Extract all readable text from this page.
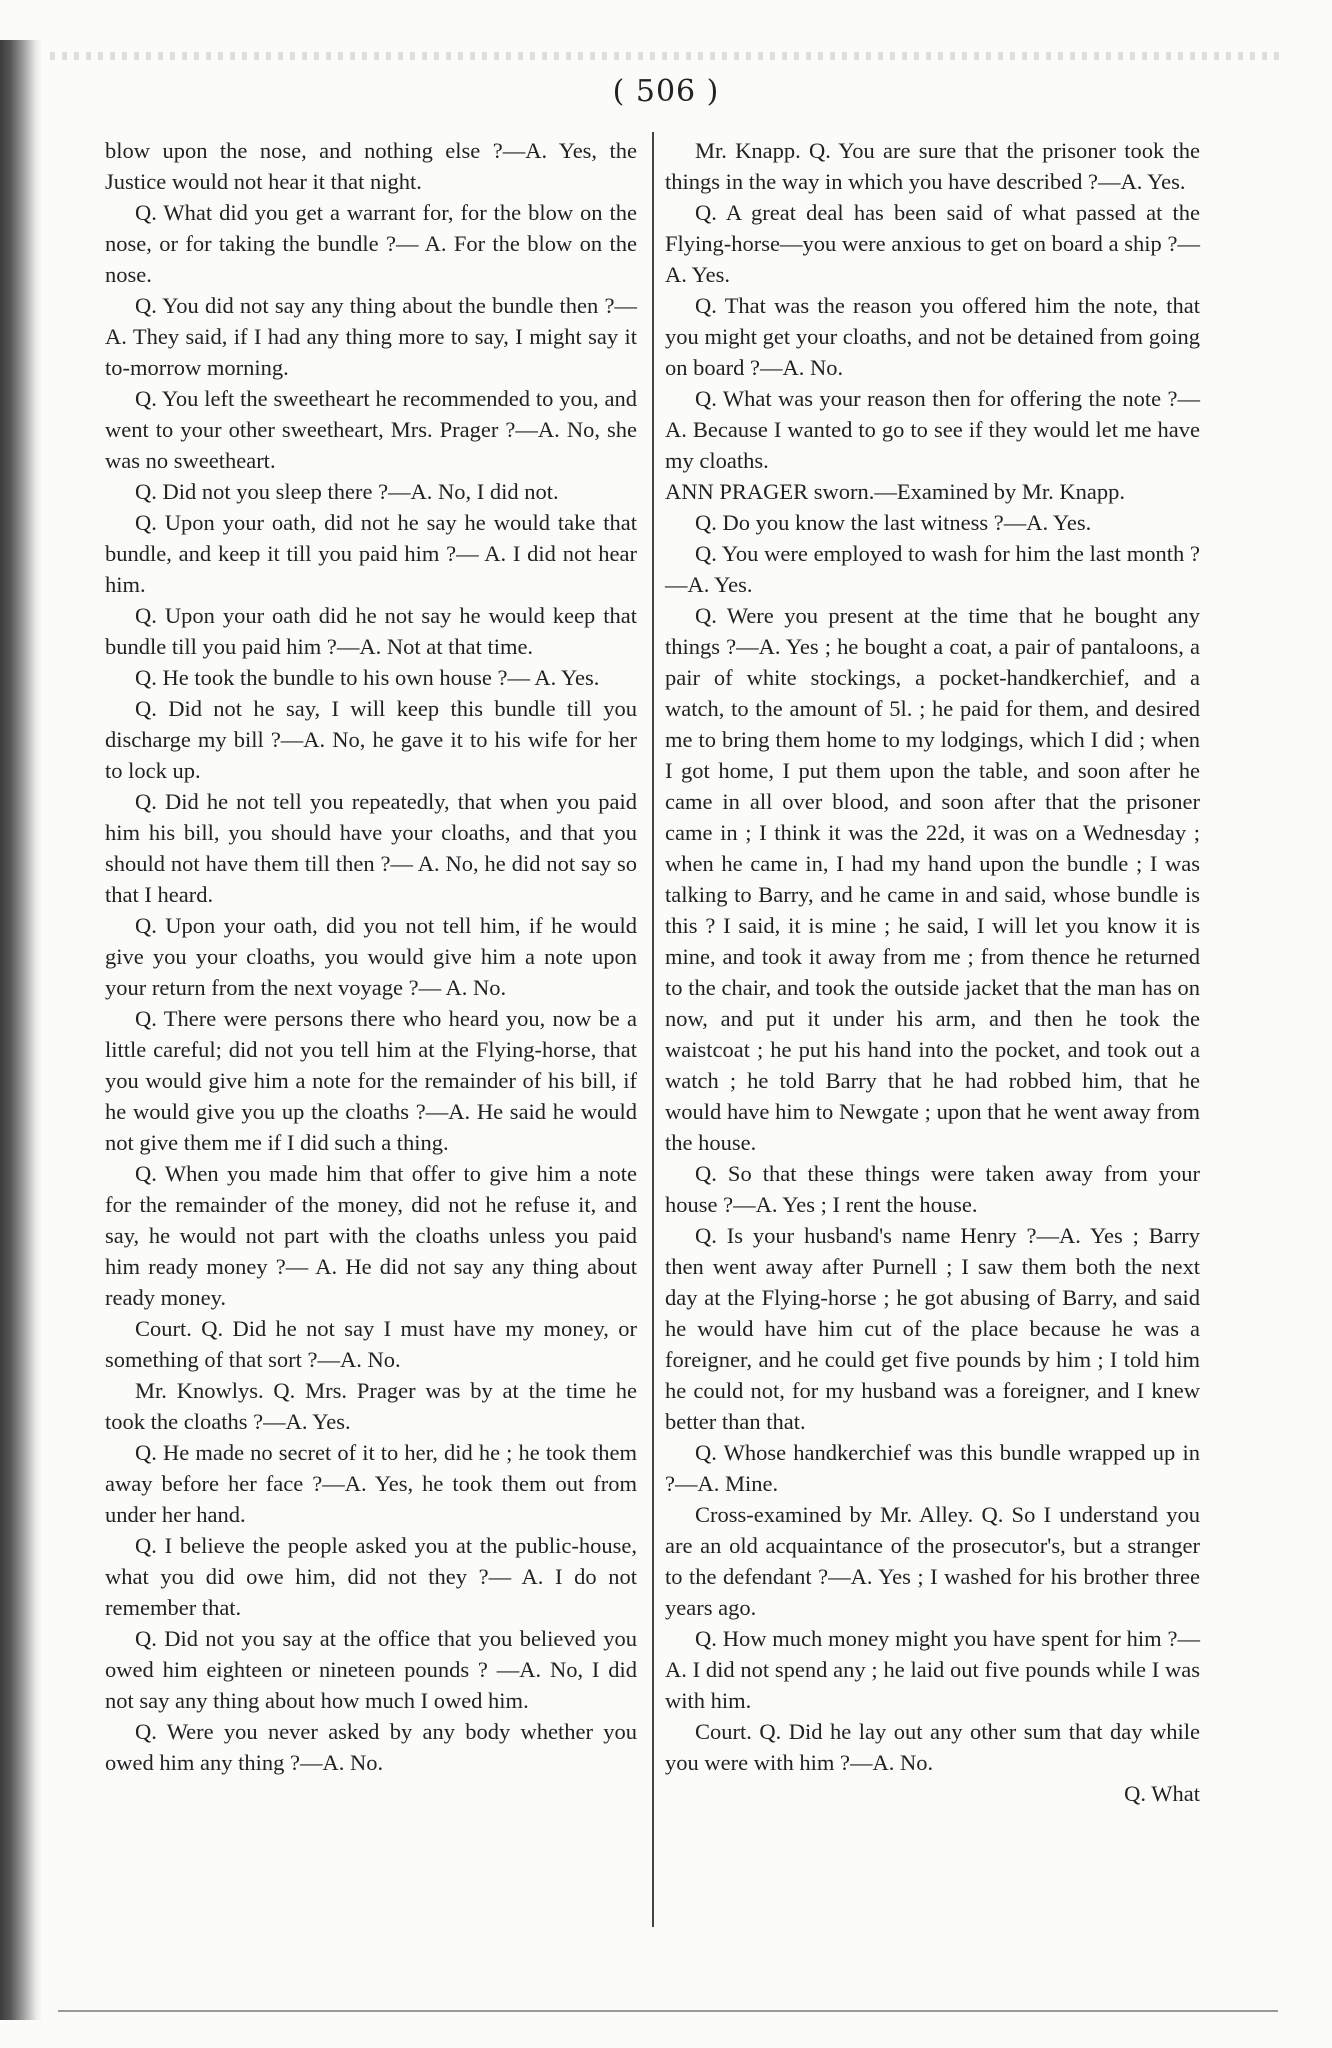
( 506 )

blow upon the nose, and nothing else ?—A. Yes, the Justice would not hear it that night.

Q. What did you get a warrant for, for the blow on the nose, or for taking the bundle ?— A. For the blow on the nose.

Q. You did not say any thing about the bundle then ?—A. They said, if I had any thing more to say, I might say it to-morrow morning.

Q. You left the sweetheart he recommended to you, and went to your other sweetheart, Mrs. Prager ?—A. No, she was no sweetheart.

Q. Did not you sleep there ?—A. No, I did not.

Q. Upon your oath, did not he say he would take that bundle, and keep it till you paid him ?— A. I did not hear him.

Q. Upon your oath did he not say he would keep that bundle till you paid him ?—A. Not at that time.

Q. He took the bundle to his own house ?— A. Yes.

Q. Did not he say, I will keep this bundle till you discharge my bill ?—A. No, he gave it to his wife for her to lock up.

Q. Did he not tell you repeatedly, that when you paid him his bill, you should have your cloaths, and that you should not have them till then ?— A. No, he did not say so that I heard.

Q. Upon your oath, did you not tell him, if he would give you your cloaths, you would give him a note upon your return from the next voyage ?— A. No.

Q. There were persons there who heard you, now be a little careful; did not you tell him at the Flying-horse, that you would give him a note for the remainder of his bill, if he would give you up the cloaths ?—A. He said he would not give them me if I did such a thing.

Q. When you made him that offer to give him a note for the remainder of the money, did not he refuse it, and say, he would not part with the cloaths unless you paid him ready money ?— A. He did not say any thing about ready money.

Court. Q. Did he not say I must have my money, or something of that sort ?—A. No.

Mr. Knowlys. Q. Mrs. Prager was by at the time he took the cloaths ?—A. Yes.

Q. He made no secret of it to her, did he ; he took them away before her face ?—A. Yes, he took them out from under her hand.

Q. I believe the people asked you at the public-house, what you did owe him, did not they ?— A. I do not remember that.

Q. Did not you say at the office that you believed you owed him eighteen or nineteen pounds ? —A. No, I did not say any thing about how much I owed him.

Q. Were you never asked by any body whether you owed him any thing ?—A. No.

Mr. Knapp. Q. You are sure that the prisoner took the things in the way in which you have described ?—A. Yes.

Q. A great deal has been said of what passed at the Flying-horse—you were anxious to get on board a ship ?—A. Yes.

Q. That was the reason you offered him the note, that you might get your cloaths, and not be detained from going on board ?—A. No.

Q. What was your reason then for offering the note ?—A. Because I wanted to go to see if they would let me have my cloaths.

ANN PRAGER sworn.—Examined by Mr. Knapp.

Q. Do you know the last witness ?—A. Yes.

Q. You were employed to wash for him the last month ?—A. Yes.

Q. Were you present at the time that he bought any things ?—A. Yes ; he bought a coat, a pair of pantaloons, a pair of white stockings, a pocket-handkerchief, and a watch, to the amount of 5l. ; he paid for them, and desired me to bring them home to my lodgings, which I did ; when I got home, I put them upon the table, and soon after he came in all over blood, and soon after that the prisoner came in ; I think it was the 22d, it was on a Wednesday ; when he came in, I had my hand upon the bundle ; I was talking to Barry, and he came in and said, whose bundle is this ? I said, it is mine ; he said, I will let you know it is mine, and took it away from me ; from thence he returned to the chair, and took the outside jacket that the man has on now, and put it under his arm, and then he took the waistcoat ; he put his hand into the pocket, and took out a watch ; he told Barry that he had robbed him, that he would have him to Newgate ; upon that he went away from the house.

Q. So that these things were taken away from your house ?—A. Yes ; I rent the house.

Q. Is your husband's name Henry ?—A. Yes ; Barry then went away after Purnell ; I saw them both the next day at the Flying-horse ; he got abusing of Barry, and said he would have him cut of the place because he was a foreigner, and he could get five pounds by him ; I told him he could not, for my husband was a foreigner, and I knew better than that.

Q. Whose handkerchief was this bundle wrapped up in ?—A. Mine.

Cross-examined by Mr. Alley. Q. So I understand you are an old acquaintance of the prosecutor's, but a stranger to the defendant ?—A. Yes ; I washed for his brother three years ago.

Q. How much money might you have spent for him ?—A. I did not spend any ; he laid out five pounds while I was with him.

Court. Q. Did he lay out any other sum that day while you were with him ?—A. No.

Q. What
